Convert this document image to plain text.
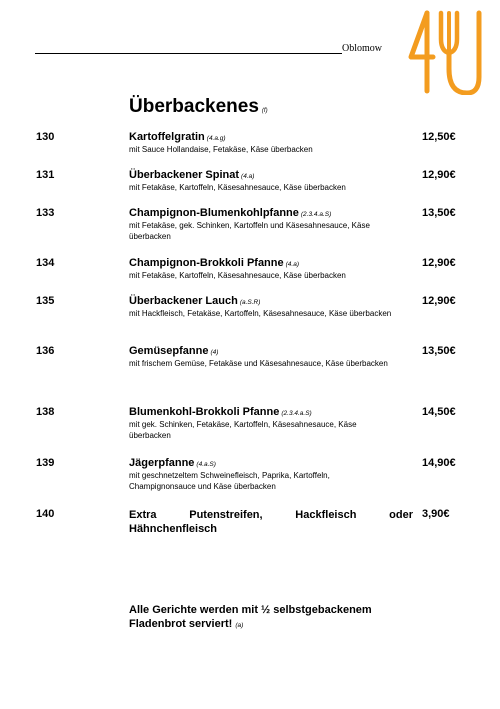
Oblomow
Überbackenes (f)
130	Kartoffelgratin (4.a.g)
mit Sauce Hollandaise, Fetakäse, Käse überbacken
12,50€
131	Überbackener Spinat (4.a)
mit Fetakäse, Kartoffeln, Käsesahnesauce, Käse überbacken
12,90€
133	Champignon-Blumenkohlpfanne (2.3.4.a.S)
mit Fetakäse, gek. Schinken, Kartoffeln und Käsesahnesauce, Käse überbacken
13,50€
134	Champignon-Brokkoli Pfanne (4.a)
mit Fetakäse, Kartoffeln, Käsesahnesauce, Käse überbacken
12,90€
135	Überbackener Lauch (a.S.R)
mit Hackfleisch, Fetakäse, Kartoffeln, Käsesahnesauce, Käse überbacken
12,90€
136	Gemüsepfanne (4)
mit frischem Gemüse, Fetakäse und Käsesahnesauce, Käse überbacken
13,50€
138	Blumenkohl-Brokkoli Pfanne (2.3.4.a.S)
mit gek. Schinken, Fetakäse, Kartoffeln, Käsesahnesauce, Käse überbacken
14,50€
139	Jägerpfanne (4.a.S)
mit geschnetzeltem Schweinefleisch, Paprika, Kartoffeln, Champignonsauce und Käse überbacken
14,90€
140	Extra Putenstreifen, Hackfleisch oder Hähnchenfleisch
3,90€
Alle Gerichte werden mit ½ selbstgebackenem Fladenbrot serviert! (a)
